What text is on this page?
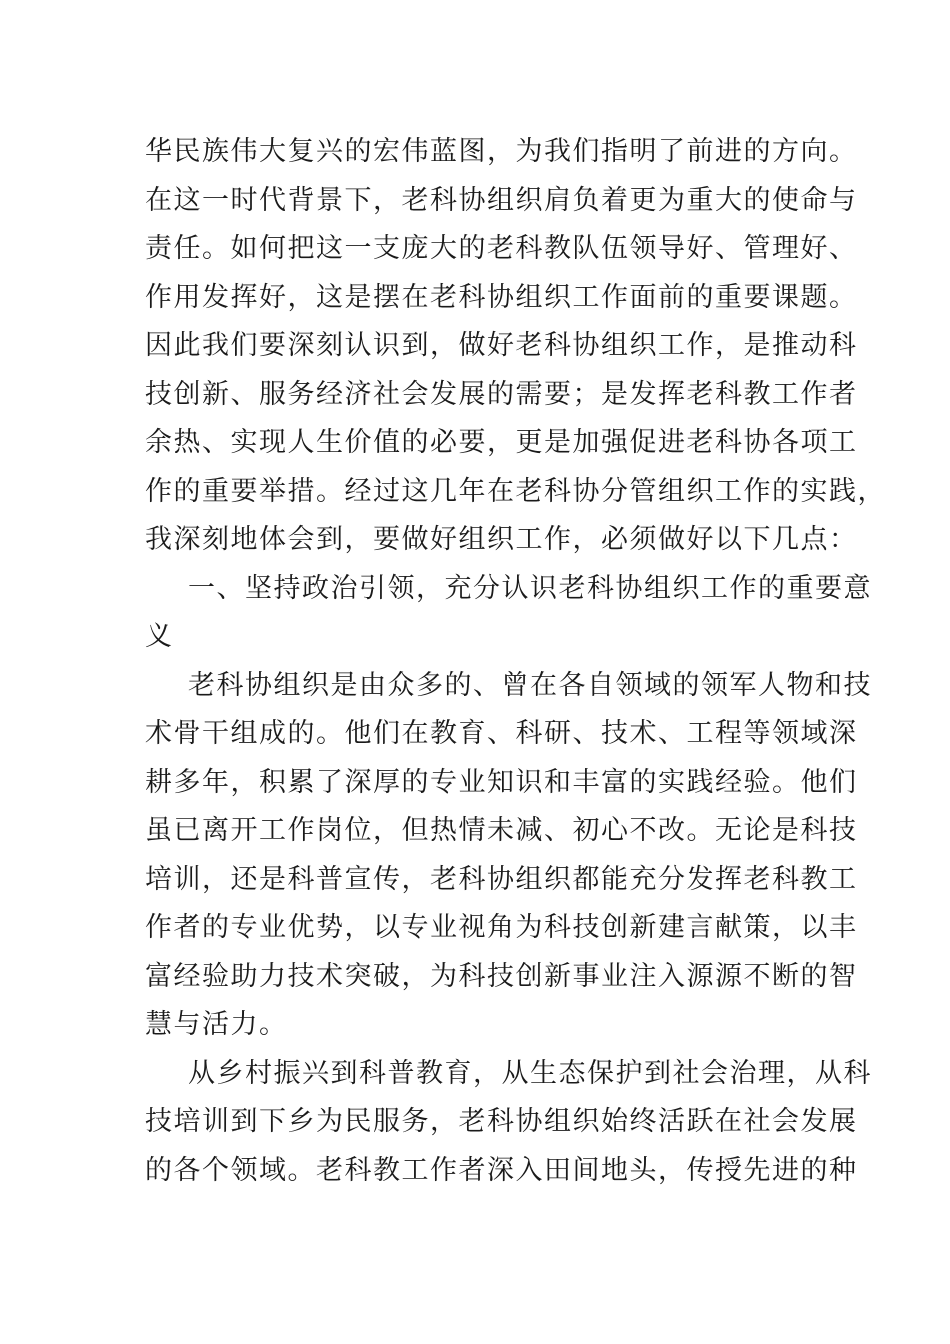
华民族伟大复兴的宏伟蓝图，为我们指明了前进的方向。
在这一时代背景下，老科协组织肩负着更为重大的使命与
责任。如何把这一支庞大的老科教队伍领导好、管理好、
作用发挥好，这是摆在老科协组织工作面前的重要课题。
因此我们要深刻认识到，做好老科协组织工作，是推动科
技创新、服务经济社会发展的需要；是发挥老科教工作者
余热、实现人生价值的必要，更是加强促进老科协各项工
作的重要举措。经过这几年在老科协分管组织工作的实践，
我深刻地体会到，要做好组织工作，必须做好以下几点：
一、坚持政治引领，充分认识老科协组织工作的重要意
义
老科协组织是由众多的、曾在各自领域的领军人物和技
术骨干组成的。他们在教育、科研、技术、工程等领域深
耕多年，积累了深厚的专业知识和丰富的实践经验。他们
虽已离开工作岗位，但热情未减、初心不改。无论是科技
培训，还是科普宣传，老科协组织都能充分发挥老科教工
作者的专业优势，以专业视角为科技创新建言献策，以丰
富经验助力技术突破，为科技创新事业注入源源不断的智
慧与活力。
从乡村振兴到科普教育，从生态保护到社会治理，从科
技培训到下乡为民服务，老科协组织始终活跃在社会发展
的各个领域。老科教工作者深入田间地头，传授先进的种
